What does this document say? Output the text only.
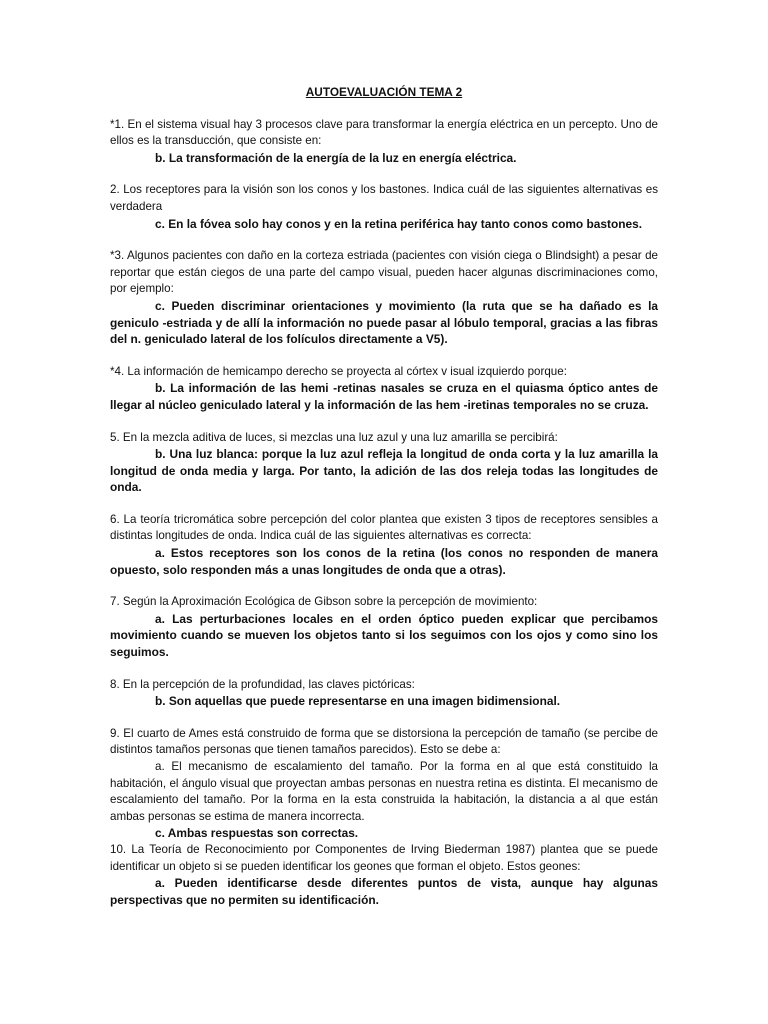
AUTOEVALUACIÓN TEMA 2

*1. En el sistema visual hay 3 procesos clave para transformar la energía eléctrica en un percepto. Uno de ellos es la transducción, que consiste en:

b. La transformación de la energía de la luz en energía eléctrica.

2. Los receptores para la visión son los conos y los bastones. Indica cuál de las siguientes alternativas es verdadera

c. En la fóvea solo hay conos y en la retina periférica hay tanto conos como bastones.

*3. Algunos pacientes con daño en la corteza estriada (pacientes con visión ciega o Blindsight) a pesar de reportar que están ciegos de una parte del campo visual, pueden hacer algunas discriminaciones como, por ejemplo:

c. Pueden discriminar orientaciones y movimiento (la ruta que se ha dañado es la geniculo -estriada y de allí la información no puede pasar al lóbulo temporal, gracias a las fibras del n. geniculado lateral de los folículos directamente a V5).

*4. La información de hemicampo derecho se proyecta al córtex v isual izquierdo porque:

b. La información de las hemi -retinas nasales se cruza en el quiasma óptico antes de llegar al núcleo geniculado lateral y la información de las hem -iretinas temporales no se cruza.

5. En la mezcla aditiva de luces, si mezclas una luz azul y una luz amarilla se percibirá:

b. Una luz blanca: porque la luz azul refleja la longitud de onda corta y la luz amarilla la longitud de onda media y larga. Por tanto, la adición de las dos releja todas las longitudes de onda.

6. La teoría tricromática sobre percepción del color plantea que existen 3 tipos de receptores sensibles a distintas longitudes de onda. Indica cuál de las siguientes alternativas es correcta:

a. Estos receptores son los conos de la retina (los conos no responden de manera opuesto, solo responden más a unas longitudes de onda que a otras).

7. Según la Aproximación Ecológica de Gibson sobre la percepción de movimiento:

a. Las perturbaciones locales en el orden óptico pueden explicar que percibamos movimiento cuando se mueven los objetos tanto si los seguimos con los ojos y como sino los seguimos.

8. En la percepción de la profundidad, las claves pictóricas:

b. Son aquellas que puede representarse en una imagen bidimensional.

9. El cuarto de Ames está construido de forma que se distorsiona la percepción de tamaño (se percibe de distintos tamaños personas que tienen tamaños parecidos). Esto se debe a:

a. El mecanismo de escalamiento del tamaño. Por la forma en al que está constituido la habitación, el ángulo visual que proyectan ambas personas en nuestra retina es distinta. El mecanismo de escalamiento del tamaño. Por la forma en la esta construida la habitación, la distancia a al que están ambas personas se estima de manera incorrecta.

c. Ambas respuestas son correctas.

10. La Teoría de Reconocimiento por Componentes de Irving Biederman 1987) plantea que se puede identificar un objeto si se pueden identificar los geones que forman el objeto. Estos geones:

a. Pueden identificarse desde diferentes puntos de vista, aunque hay algunas perspectivas que no permiten su identificación.
